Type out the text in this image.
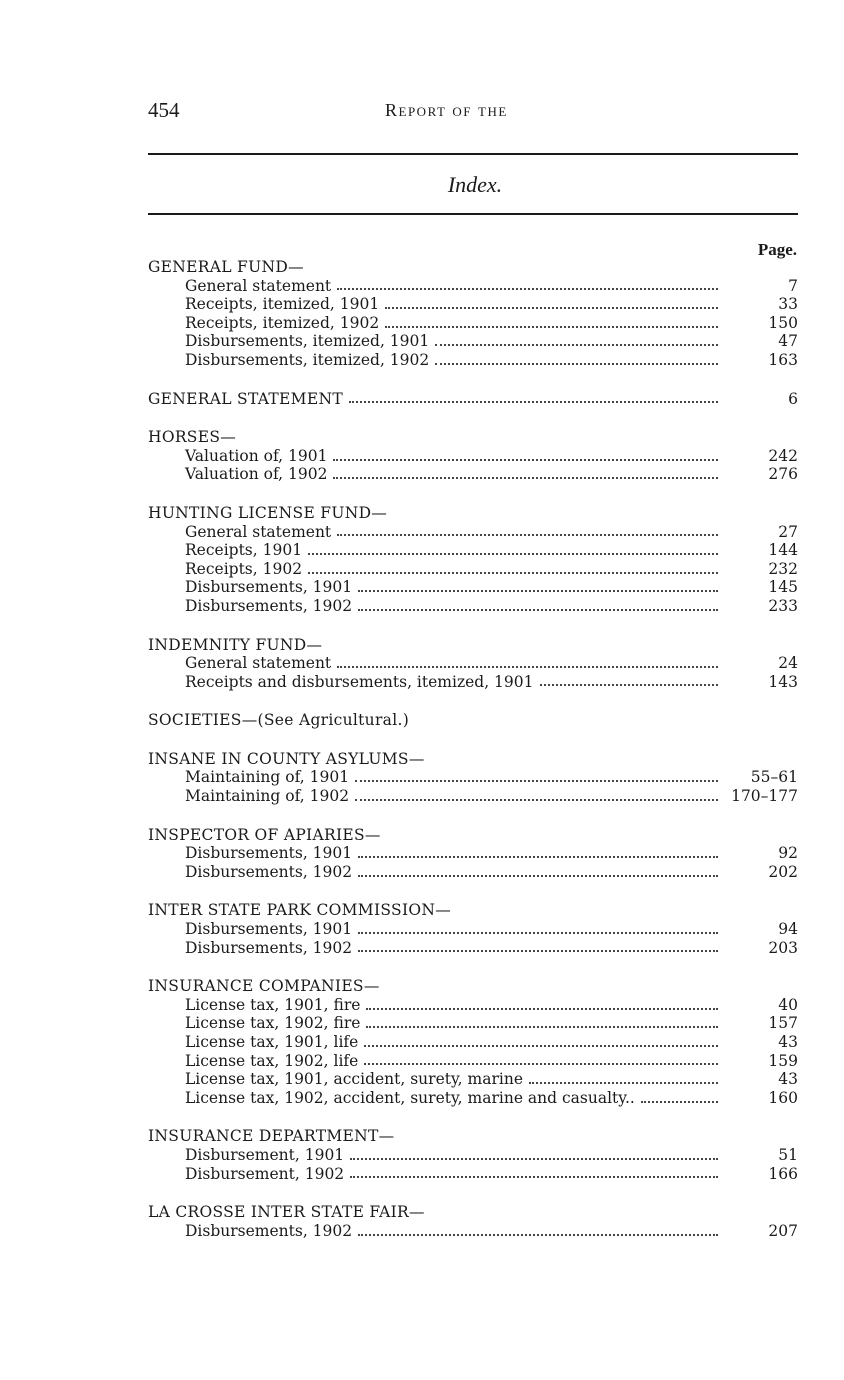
454	Report of the
Index.
Page.
GENERAL FUND—
General statement	7
Receipts, itemized, 1901	33
Receipts, itemized, 1902	150
Disbursements, itemized, 1901	47
Disbursements, itemized, 1902	163
GENERAL STATEMENT	6
HORSES—
Valuation of, 1901	242
Valuation of, 1902	276
HUNTING LICENSE FUND—
General statement	27
Receipts, 1901	144
Receipts, 1902	232
Disbursements, 1901	145
Disbursements, 1902	233
INDEMNITY FUND—
General statement	24
Receipts and disbursements, itemized, 1901	143
SOCIETIES—(See Agricultural.)
INSANE IN COUNTY ASYLUMS—
Maintaining of, 1901	55–61
Maintaining of, 1902	170–177
INSPECTOR OF APIARIES—
Disbursements, 1901	92
Disbursements, 1902	202
INTER STATE PARK COMMISSION—
Disbursements, 1901	94
Disbursements, 1902	203
INSURANCE COMPANIES—
License tax, 1901, fire	40
License tax, 1902, fire	157
License tax, 1901, life	43
License tax, 1902, life	159
License tax, 1901, accident, surety, marine	43
License tax, 1902, accident, surety, marine and casualty..	160
INSURANCE DEPARTMENT—
Disbursement, 1901	51
Disbursement, 1902	166
LA CROSSE INTER STATE FAIR—
Disbursements, 1902	207
